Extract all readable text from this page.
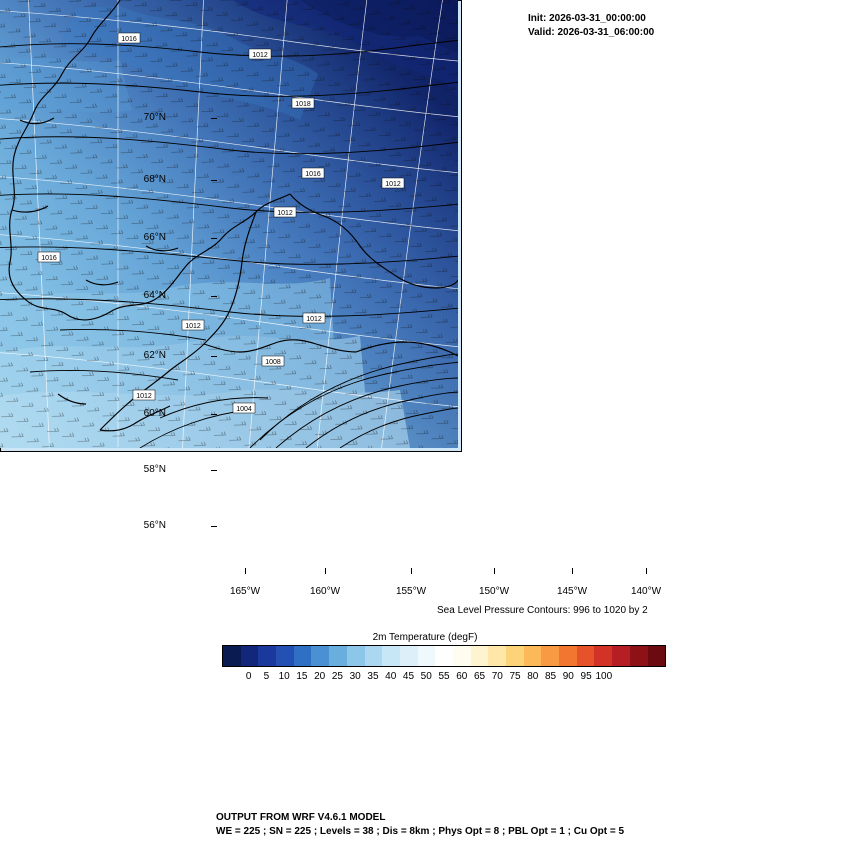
Init: 2026-03-31_00:00:00
Valid: 2026-03-31_06:00:00
1016
1012
1018
1016
1012
1012
1016
1012
1012
1008
1012
1004
70°N
68°N
66°N
64°N
62°N
60°N
58°N
56°N
165°W	160°W	155°W	150°W	145°W	140°W
Sea Level Pressure Contours: 996 to 1020 by 2
2m Temperature (degF)
0	5 10 15 20 25 30 35 40 45 50 55 60 65 70 75 80 85 90 95 100
OUTPUT FROM WRF V4.6.1 MODEL
WE = 225 ; SN = 225 ; Levels = 38 ; Dis = 8km ; Phys Opt = 8 ; PBL Opt = 1 ; Cu Opt = 5
